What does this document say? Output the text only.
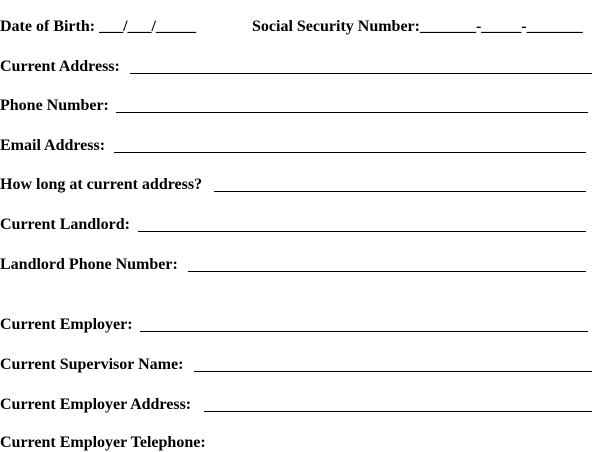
Date of Birth: ___/___/_____	Social Security Number:_______-_____-_______
Current Address:
Phone Number:
Email Address:
How long at current address?
Current Landlord:
Landlord Phone Number:
Current Employer:
Current Supervisor Name:
Current Employer Address:
Current Employer Telephone:
